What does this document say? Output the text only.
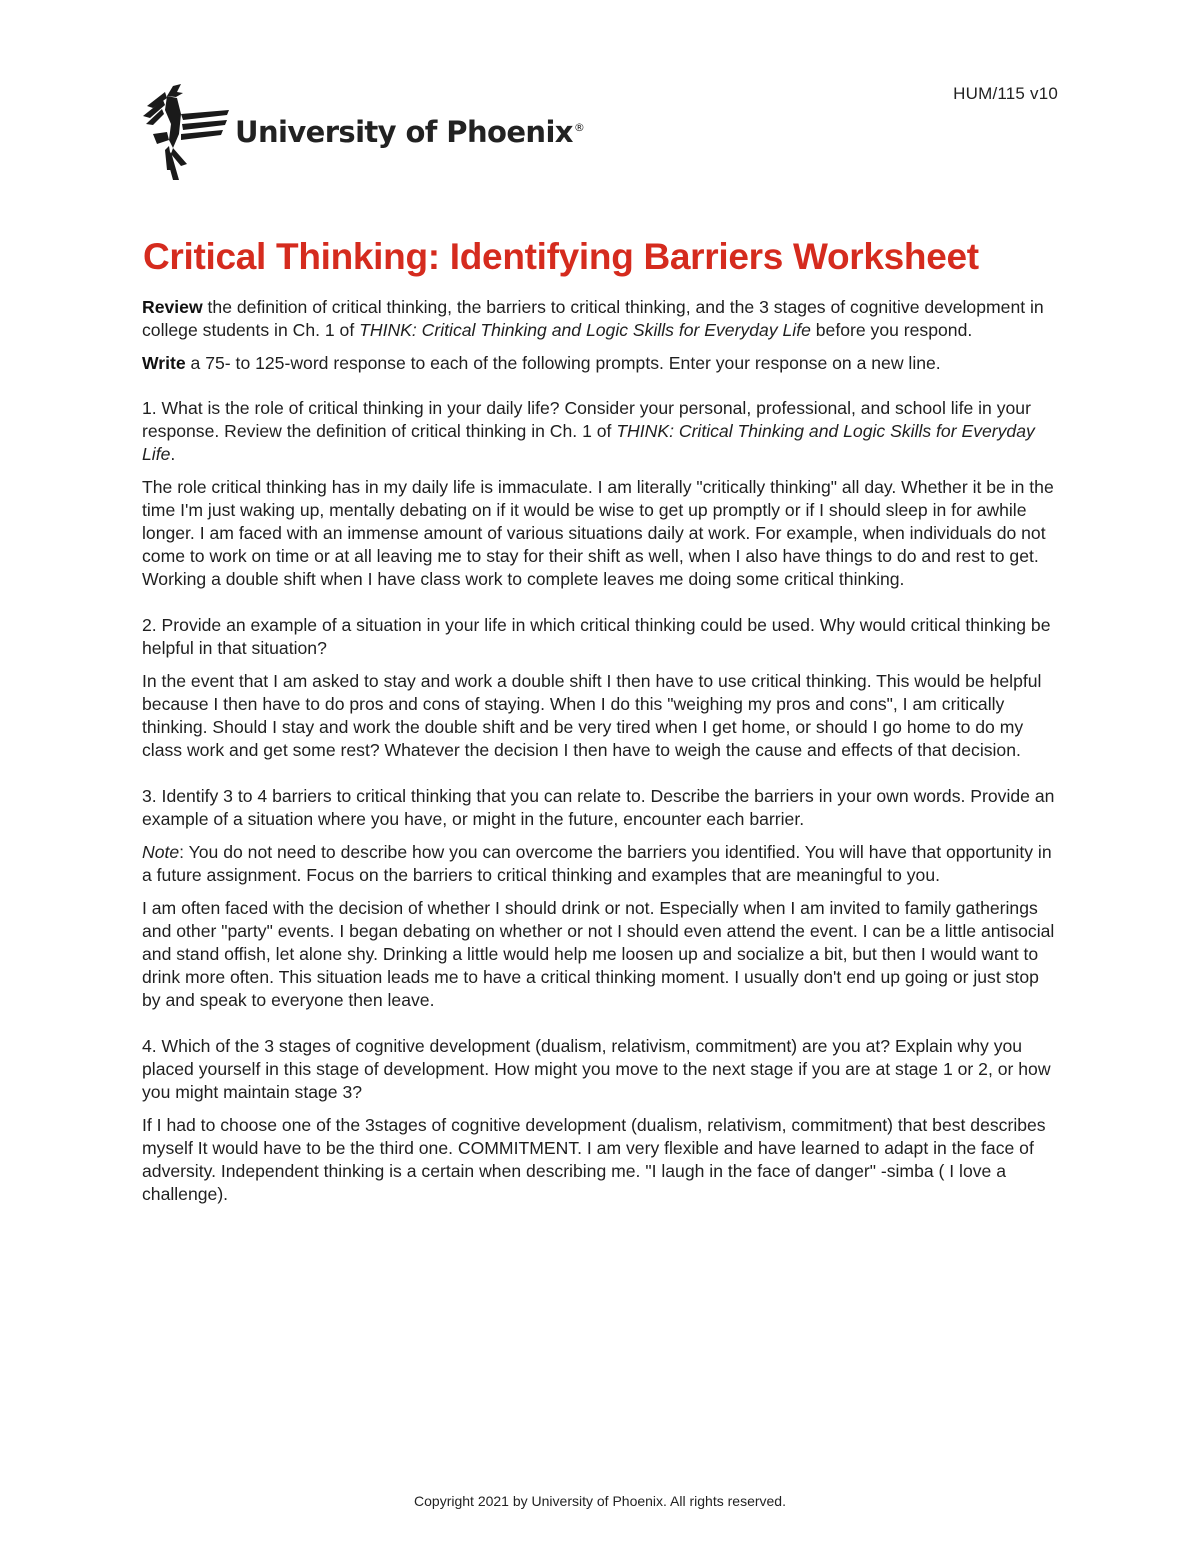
HUM/115 v10
University of Phoenix ®
Critical Thinking: Identifying Barriers Worksheet

Review the definition of critical thinking, the barriers to critical thinking, and the 3 stages of cognitive development in college students in Ch. 1 of THINK: Critical Thinking and Logic Skills for Everyday Life before you respond.

Write a 75- to 125-word response to each of the following prompts. Enter your response on a new line.

1. What is the role of critical thinking in your daily life? Consider your personal, professional, and school life in your response. Review the definition of critical thinking in Ch. 1 of THINK: Critical Thinking and Logic Skills for Everyday Life.

The role critical thinking has in my daily life is immaculate. I am literally "critically thinking" all day. Whether it be in the time I'm just waking up, mentally debating on if it would be wise to get up promptly or if I should sleep in for awhile longer. I am faced with an immense amount of various situations daily at work. For example, when individuals do not come to work on time or at all leaving me to stay for their shift as well, when I also have things to do and rest to get. Working a double shift when I have class work to complete leaves me doing some critical thinking.

2. Provide an example of a situation in your life in which critical thinking could be used. Why would critical thinking be helpful in that situation?

In the event that I am asked to stay and work a double shift I then have to use critical thinking. This would be helpful because I then have to do pros and cons of staying. When I do this "weighing my pros and cons", I am critically thinking. Should I stay and work the double shift and be very tired when I get home, or should I go home to do my class work and get some rest? Whatever the decision I then have to weigh the cause and effects of that decision.

3. Identify 3 to 4 barriers to critical thinking that you can relate to. Describe the barriers in your own words. Provide an example of a situation where you have, or might in the future, encounter each barrier.

Note: You do not need to describe how you can overcome the barriers you identified. You will have that opportunity in a future assignment. Focus on the barriers to critical thinking and examples that are meaningful to you.

I am often faced with the decision of whether I should drink or not. Especially when I am invited to family gatherings and other "party" events. I began debating on whether or not I should even attend the event. I can be a little antisocial and stand offish, let alone shy. Drinking a little would help me loosen up and socialize a bit, but then I would want to drink more often. This situation leads me to have a critical thinking moment. I usually don't end up going or just stop by and speak to everyone then leave.

4. Which of the 3 stages of cognitive development (dualism, relativism, commitment) are you at? Explain why you placed yourself in this stage of development. How might you move to the next stage if you are at stage 1 or 2, or how you might maintain stage 3?

If I had to choose one of the 3stages of cognitive development (dualism, relativism, commitment) that best describes myself It would have to be the third one. COMMITMENT. I am very flexible and have learned to adapt in the face of adversity. Independent thinking is a certain when describing me. "I laugh in the face of danger" -simba ( I love a challenge).

Copyright 2021 by University of Phoenix. All rights reserved.
